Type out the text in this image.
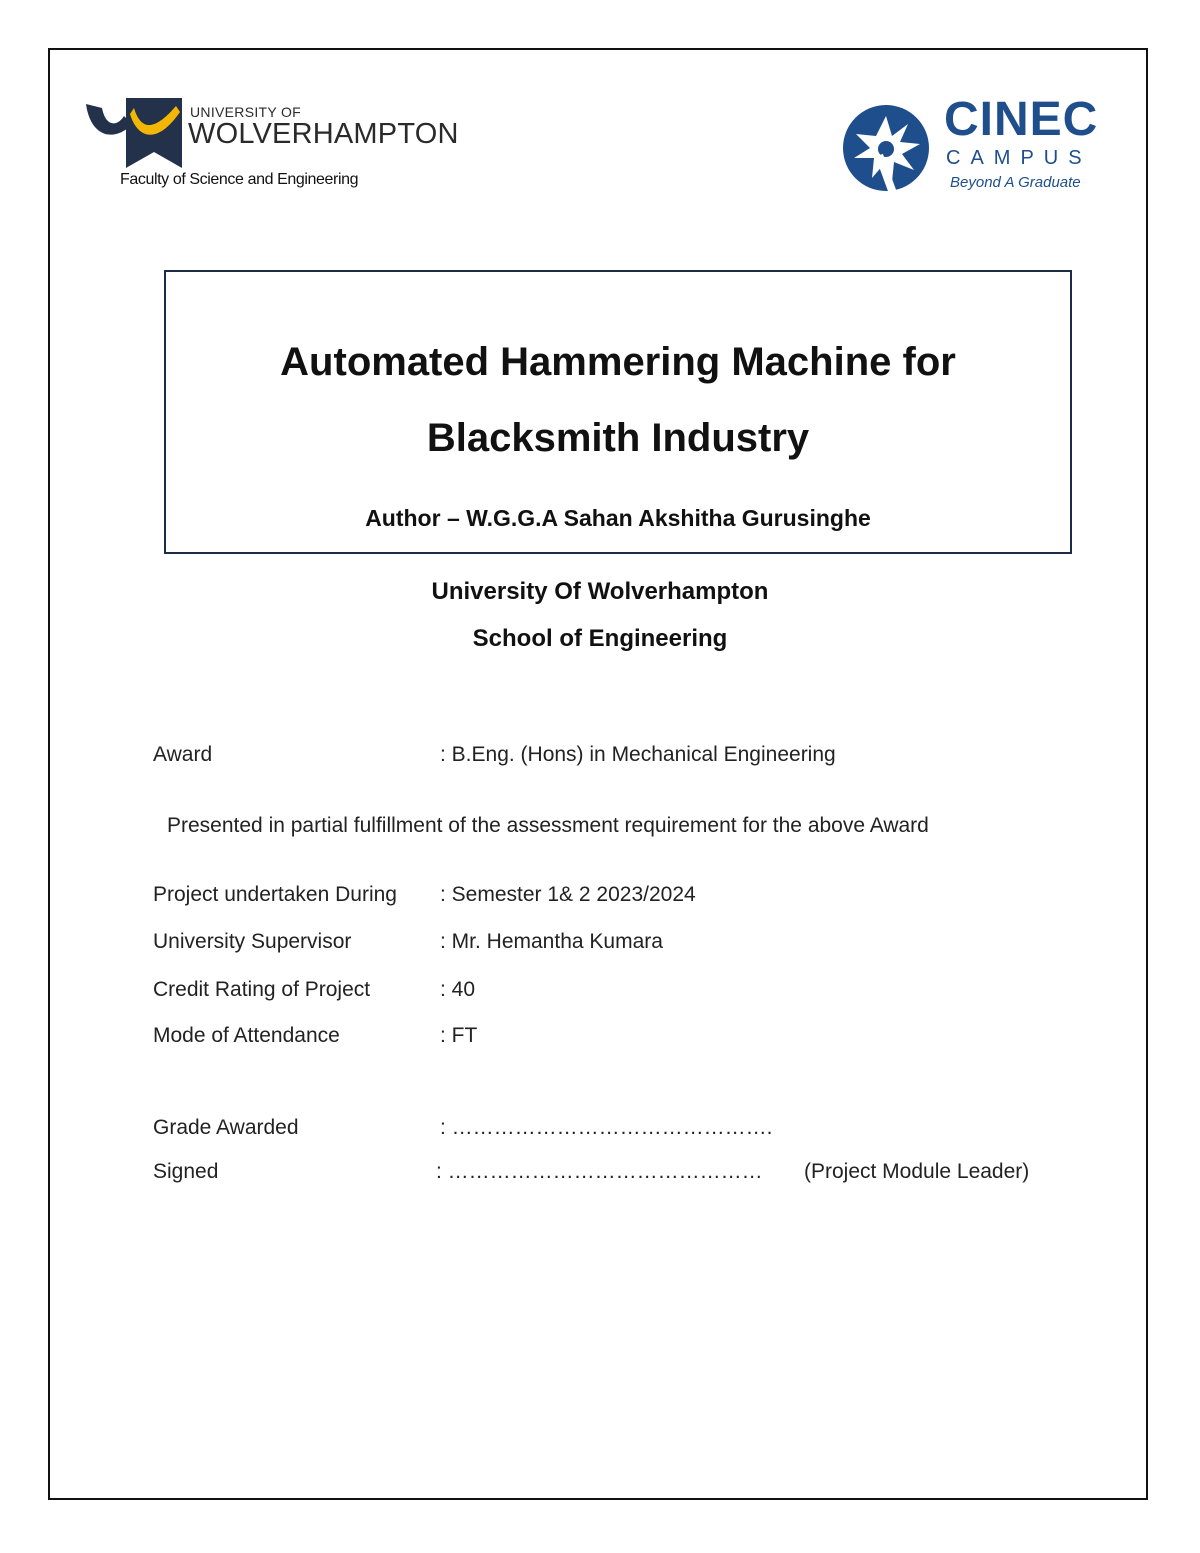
UNIVERSITY OF
WOLVERHAMPTON
Faculty of Science and Engineering
CINEC
CAMPUS
Beyond A Graduate
Automated Hammering Machine for
Blacksmith Industry
Author – W.G.G.A Sahan Akshitha Gurusinghe
University Of Wolverhampton
School of Engineering
Award	: B.Eng. (Hons) in Mechanical Engineering
Presented in partial fulfillment of the assessment requirement for the above Award
Project undertaken During : Semester 1& 2 2023/2024
University Supervisor	: Mr. Hemantha Kumara
Credit Rating of Project	: 40
Mode of Attendance	: FT
Grade Awarded	: ……………………………………….
Signed	: ……………………………………… (Project Module Leader)
